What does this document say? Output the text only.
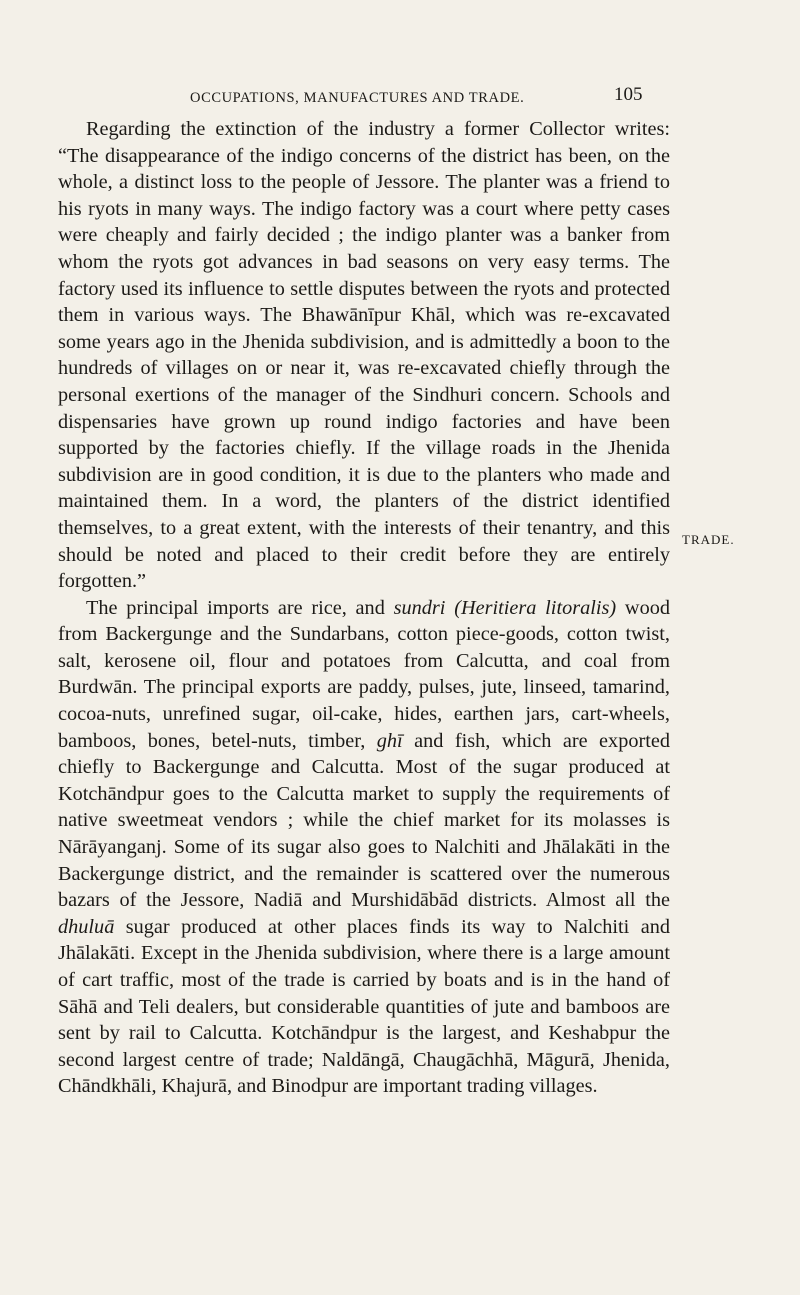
OCCUPATIONS, MANUFACTURES AND TRADE.	105

Regarding the extinction of the industry a former Collector writes: “The disappearance of the indigo concerns of the district has been, on the whole, a distinct loss to the people of Jessore. The planter was a friend to his ryots in many ways. The indigo factory was a court where petty cases were cheaply and fairly decided ; the indigo planter was a banker from whom the ryots got advances in bad seasons on very easy terms. The factory used its influence to settle disputes between the ryots and protected them in various ways. The Bhawānīpur Khāl, which was re-excavated some years ago in the Jhenida subdivision, and is admittedly a boon to the hundreds of villages on or near it, was re-excavated chiefly through the personal exertions of the manager of the Sindhuri concern. Schools and dispensaries have grown up round indigo factories and have been supported by the factories chiefly. If the village roads in the Jhenida subdivision are in good condition, it is due to the planters who made and maintained them. In a word, the planters of the district identified themselves, to a great extent, with the interests of their tenantry, and this should be noted and placed to their credit before they are entirely forgotten.”

The principal imports are rice, and sundri (Heritiera litoralis) wood from Backergunge and the Sundarbans, cotton piece-goods, cotton twist, salt, kerosene oil, flour and potatoes from Calcutta, and coal from Burdwān. The principal exports are paddy, pulses, jute, linseed, tamarind, cocoa-nuts, unrefined sugar, oil-cake, hides, earthen jars, cart-wheels, bamboos, bones, betel-nuts, timber, ghī and fish, which are exported chiefly to Backergunge and Calcutta. Most of the sugar produced at Kotchāndpur goes to the Calcutta market to supply the requirements of native sweetmeat vendors ; while the chief market for its molasses is Nārāyanganj. Some of its sugar also goes to Nalchiti and Jhālakāti in the Backergunge district, and the remainder is scattered over the numerous bazars of the Jessore, Nadiā and Murshidābād districts. Almost all the dhuluā sugar produced at other places finds its way to Nalchiti and Jhālakāti. Except in the Jhenida subdivision, where there is a large amount of cart traffic, most of the trade is carried by boats and is in the hand of Sāhā and Teli dealers, but considerable quantities of jute and bamboos are sent by rail to Calcutta. Kotchāndpur is the largest, and Keshabpur the second largest centre of trade; Naldāngā, Chaugāchhā, Māgurā, Jhenida, Chāndkhāli, Khajurā, and Binodpur are important trading villages.

TRADE.
